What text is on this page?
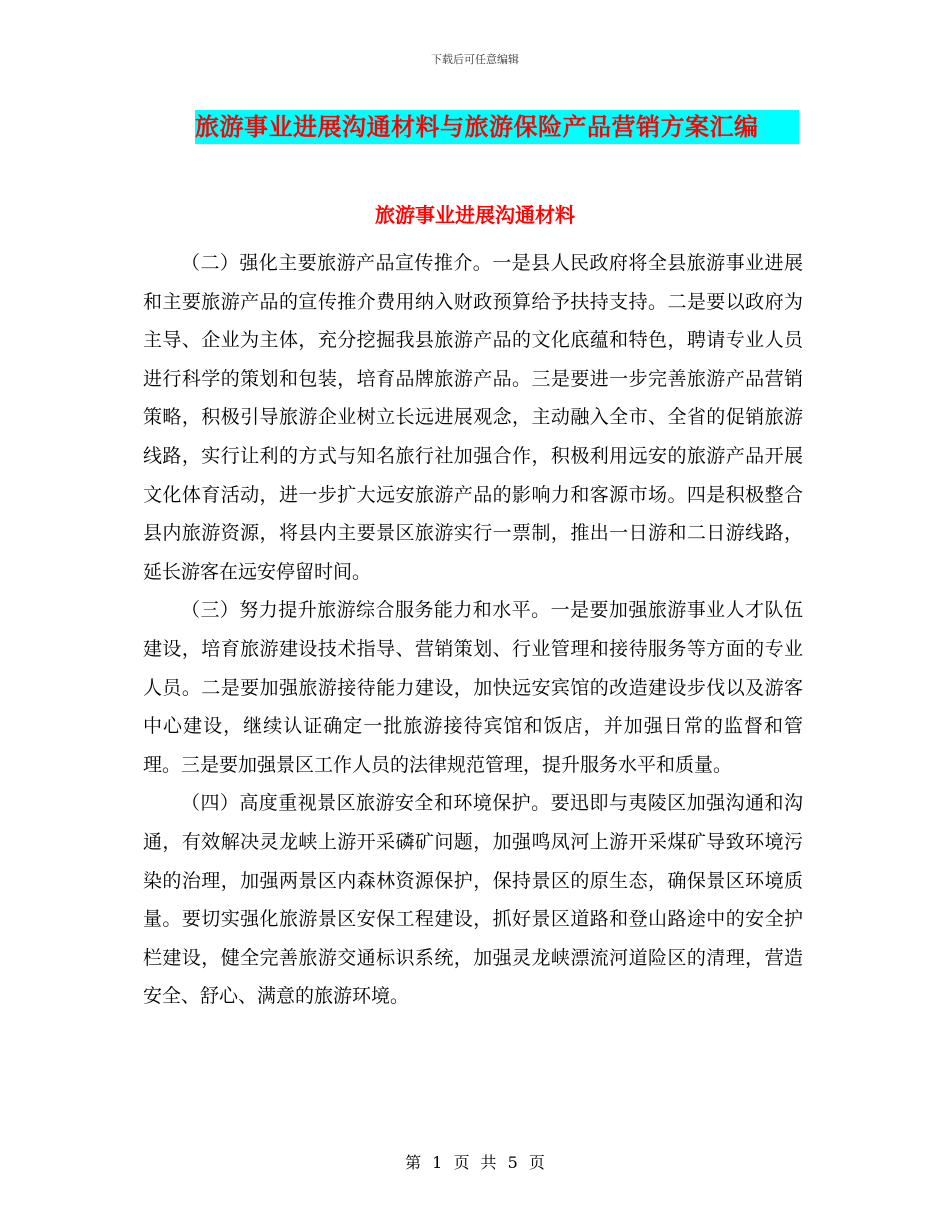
下载后可任意编辑
旅游事业进展沟通材料与旅游保险产品营销方案汇编
旅游事业进展沟通材料

（二）强化主要旅游产品宣传推介。一是县人民政府将全县旅游事业进展和主要旅游产品的宣传推介费用纳入财政预算给予扶持支持。二是要以政府为主导、企业为主体，充分挖掘我县旅游产品的文化底蕴和特色，聘请专业人员进行科学的策划和包装，培育品牌旅游产品。三是要进一步完善旅游产品营销策略，积极引导旅游企业树立长远进展观念，主动融入全市、全省的促销旅游线路，实行让利的方式与知名旅行社加强合作，积极利用远安的旅游产品开展文化体育活动，进一步扩大远安旅游产品的影响力和客源市场。四是积极整合县内旅游资源，将县内主要景区旅游实行一票制，推出一日游和二日游线路，延长游客在远安停留时间。

（三）努力提升旅游综合服务能力和水平。一是要加强旅游事业人才队伍建设，培育旅游建设技术指导、营销策划、行业管理和接待服务等方面的专业人员。二是要加强旅游接待能力建设，加快远安宾馆的改造建设步伐以及游客中心建设，继续认证确定一批旅游接待宾馆和饭店，并加强日常的监督和管理。三是要加强景区工作人员的法律规范管理，提升服务水平和质量。

（四）高度重视景区旅游安全和环境保护。要迅即与夷陵区加强沟通和沟通，有效解决灵龙峡上游开采磷矿问题，加强鸣凤河上游开采煤矿导致环境污染的治理，加强两景区内森林资源保护，保持景区的原生态，确保景区环境质量。要切实强化旅游景区安保工程建设，抓好景区道路和登山路途中的安全护栏建设，健全完善旅游交通标识系统，加强灵龙峡漂流河道险区的清理，营造安全、舒心、满意的旅游环境。

第 1 页 共 5 页
